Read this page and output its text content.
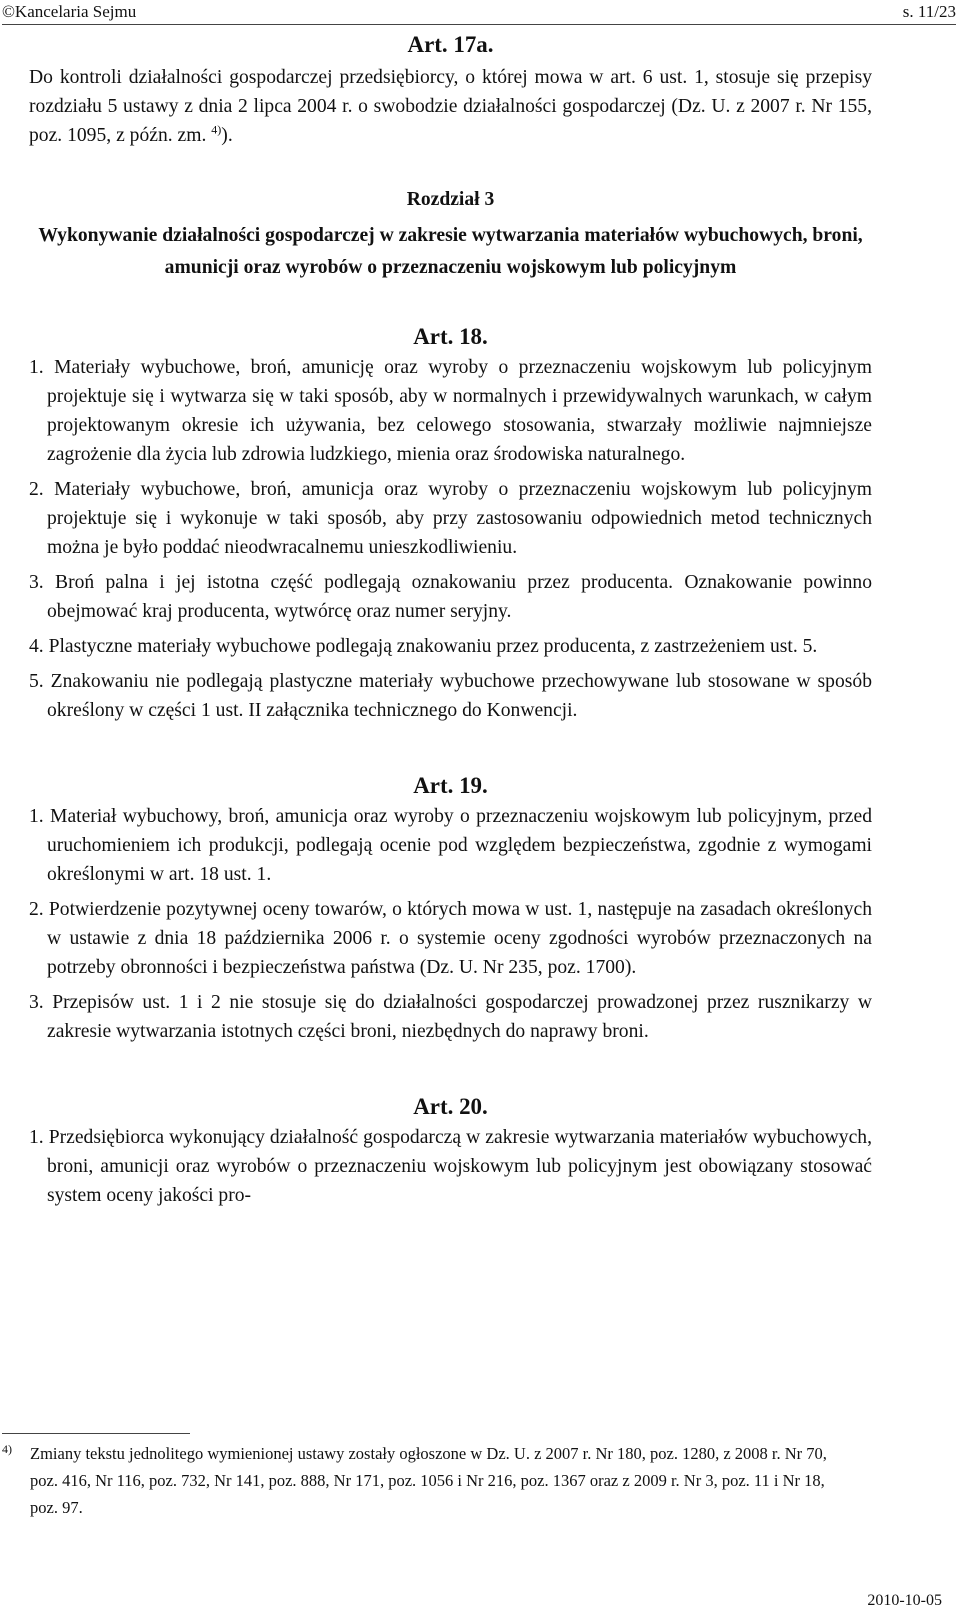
©Kancelaria Sejmu	s. 11/23
Art. 17a.

Do kontroli działalności gospodarczej przedsiębiorcy, o której mowa w art. 6 ust. 1, stosuje się przepisy rozdziału 5 ustawy z dnia 2 lipca 2004 r. o swobodzie działalności gospodarczej (Dz. U. z 2007 r. Nr 155, poz. 1095, z późn. zm. $^{4)}$).

Rozdział 3
Wykonywanie działalności gospodarczej w zakresie wytwarzania materiałów wybuchowych, broni, amunicji oraz wyrobów o przeznaczeniu wojskowym lub policyjnym
Art. 18.

1. Materiały wybuchowe, broń, amunicję oraz wyroby o przeznaczeniu wojskowym lub policyjnym projektuje się i wytwarza się w taki sposób, aby w normalnych i przewidywalnych warunkach, w całym projektowanym okresie ich używania, bez celowego stosowania, stwarzały możliwie najmniejsze zagrożenie dla życia lub zdrowia ludzkiego, mienia oraz środowiska naturalnego.

2. Materiały wybuchowe, broń, amunicja oraz wyroby o przeznaczeniu wojskowym lub policyjnym projektuje się i wykonuje w taki sposób, aby przy zastosowaniu odpowiednich metod technicznych można je było poddać nieodwracalnemu unieszkodliwieniu.

3. Broń palna i jej istotna część podlegają oznakowaniu przez producenta. Oznakowanie powinno obejmować kraj producenta, wytwórcę oraz numer seryjny.

4. Plastyczne materiały wybuchowe podlegają znakowaniu przez producenta, z zastrzeżeniem ust. 5.

5. Znakowaniu nie podlegają plastyczne materiały wybuchowe przechowywane lub stosowane w sposób określony w części 1 ust. II załącznika technicznego do Konwencji.

Art. 19.

1. Materiał wybuchowy, broń, amunicja oraz wyroby o przeznaczeniu wojskowym lub policyjnym, przed uruchomieniem ich produkcji, podlegają ocenie pod względem bezpieczeństwa, zgodnie z wymogami określonymi w art. 18 ust. 1.

2. Potwierdzenie pozytywnej oceny towarów, o których mowa w ust. 1, następuje na zasadach określonych w ustawie z dnia 18 października 2006 r. o systemie oceny zgodności wyrobów przeznaczonych na potrzeby obronności i bezpieczeństwa państwa (Dz. U. Nr 235, poz. 1700).

3. Przepisów ust. 1 i 2 nie stosuje się do działalności gospodarczej prowadzonej przez rusznikarzy w zakresie wytwarzania istotnych części broni, niezbędnych do naprawy broni.

Art. 20.

1. Przedsiębiorca wykonujący działalność gospodarczą w zakresie wytwarzania materiałów wybuchowych, broni, amunicji oraz wyrobów o przeznaczeniu wojskowym lub policyjnym jest obowiązany stosować system oceny jakości pro-

4)	Zmiany tekstu jednolitego wymienionej ustawy zostały ogłoszone w Dz. U. z 2007 r. Nr 180, poz. 1280, z 2008 r. Nr 70, poz. 416, Nr 116, poz. 732, Nr 141, poz. 888, Nr 171, poz. 1056 i Nr 216, poz. 1367 oraz z 2009 r. Nr 3, poz. 11 i Nr 18, poz. 97.
2010-10-05
